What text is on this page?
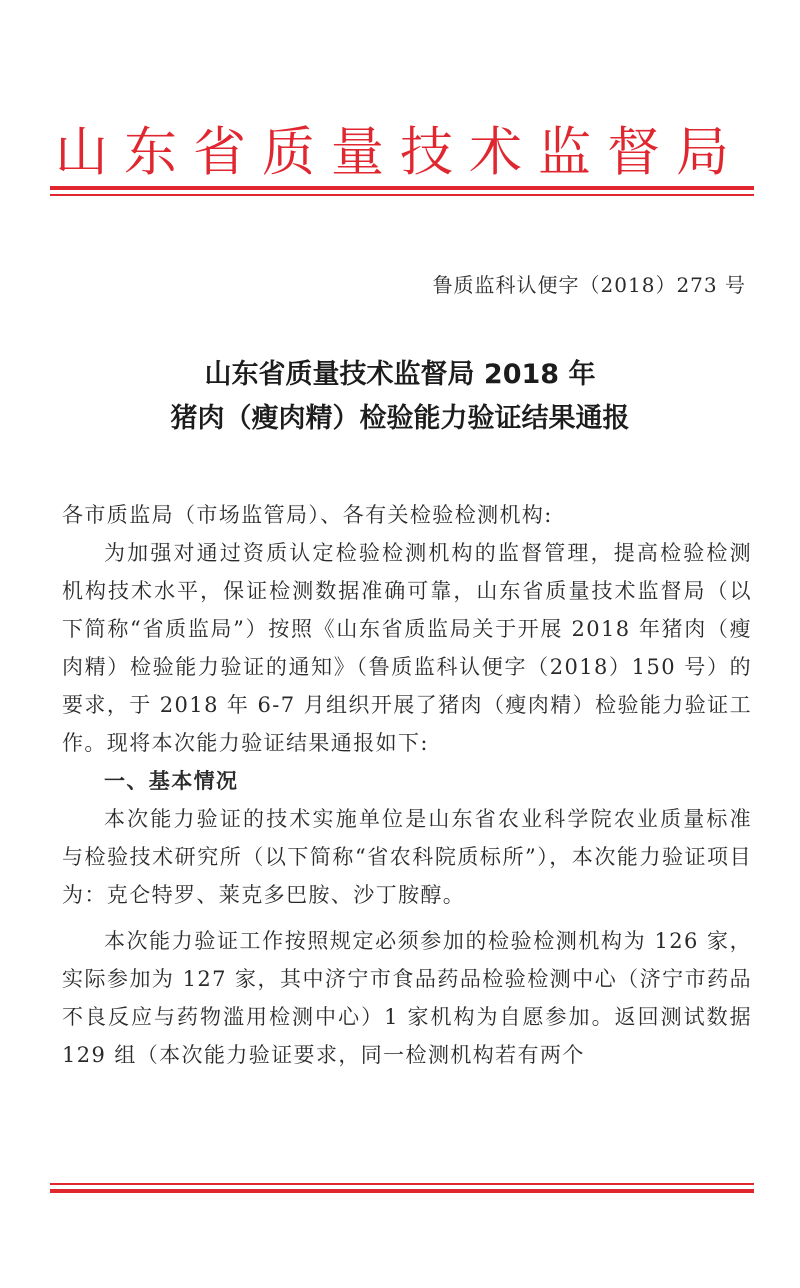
山东省质量技术监督局
鲁质监科认便字（2018）273 号
山东省质量技术监督局 2018 年
猪肉（瘦肉精）检验能力验证结果通报

各市质监局（市场监管局）、各有关检验检测机构:

为加强对通过资质认定检验检测机构的监督管理，提高检验检测机构技术水平，保证检测数据准确可靠，山东省质量技术监督局（以下简称“省质监局”）按照《山东省质监局关于开展 2018 年猪肉（瘦肉精）检验能力验证的通知》（鲁质监科认便字（2018）150 号）的要求，于 2018 年 6-7 月组织开展了猪肉（瘦肉精）检验能力验证工作。现将本次能力验证结果通报如下:

一、基本情况

本次能力验证的技术实施单位是山东省农业科学院农业质量标准与检验技术研究所（以下简称“省农科院质标所”），本次能力验证项目为：克仑特罗、莱克多巴胺、沙丁胺醇。

本次能力验证工作按照规定必须参加的检验检测机构为 126 家，实际参加为 127 家，其中济宁市食品药品检验检测中心（济宁市药品不良反应与药物滥用检测中心）1 家机构为自愿参加。返回测试数据 129 组（本次能力验证要求，同一检测机构若有两个
